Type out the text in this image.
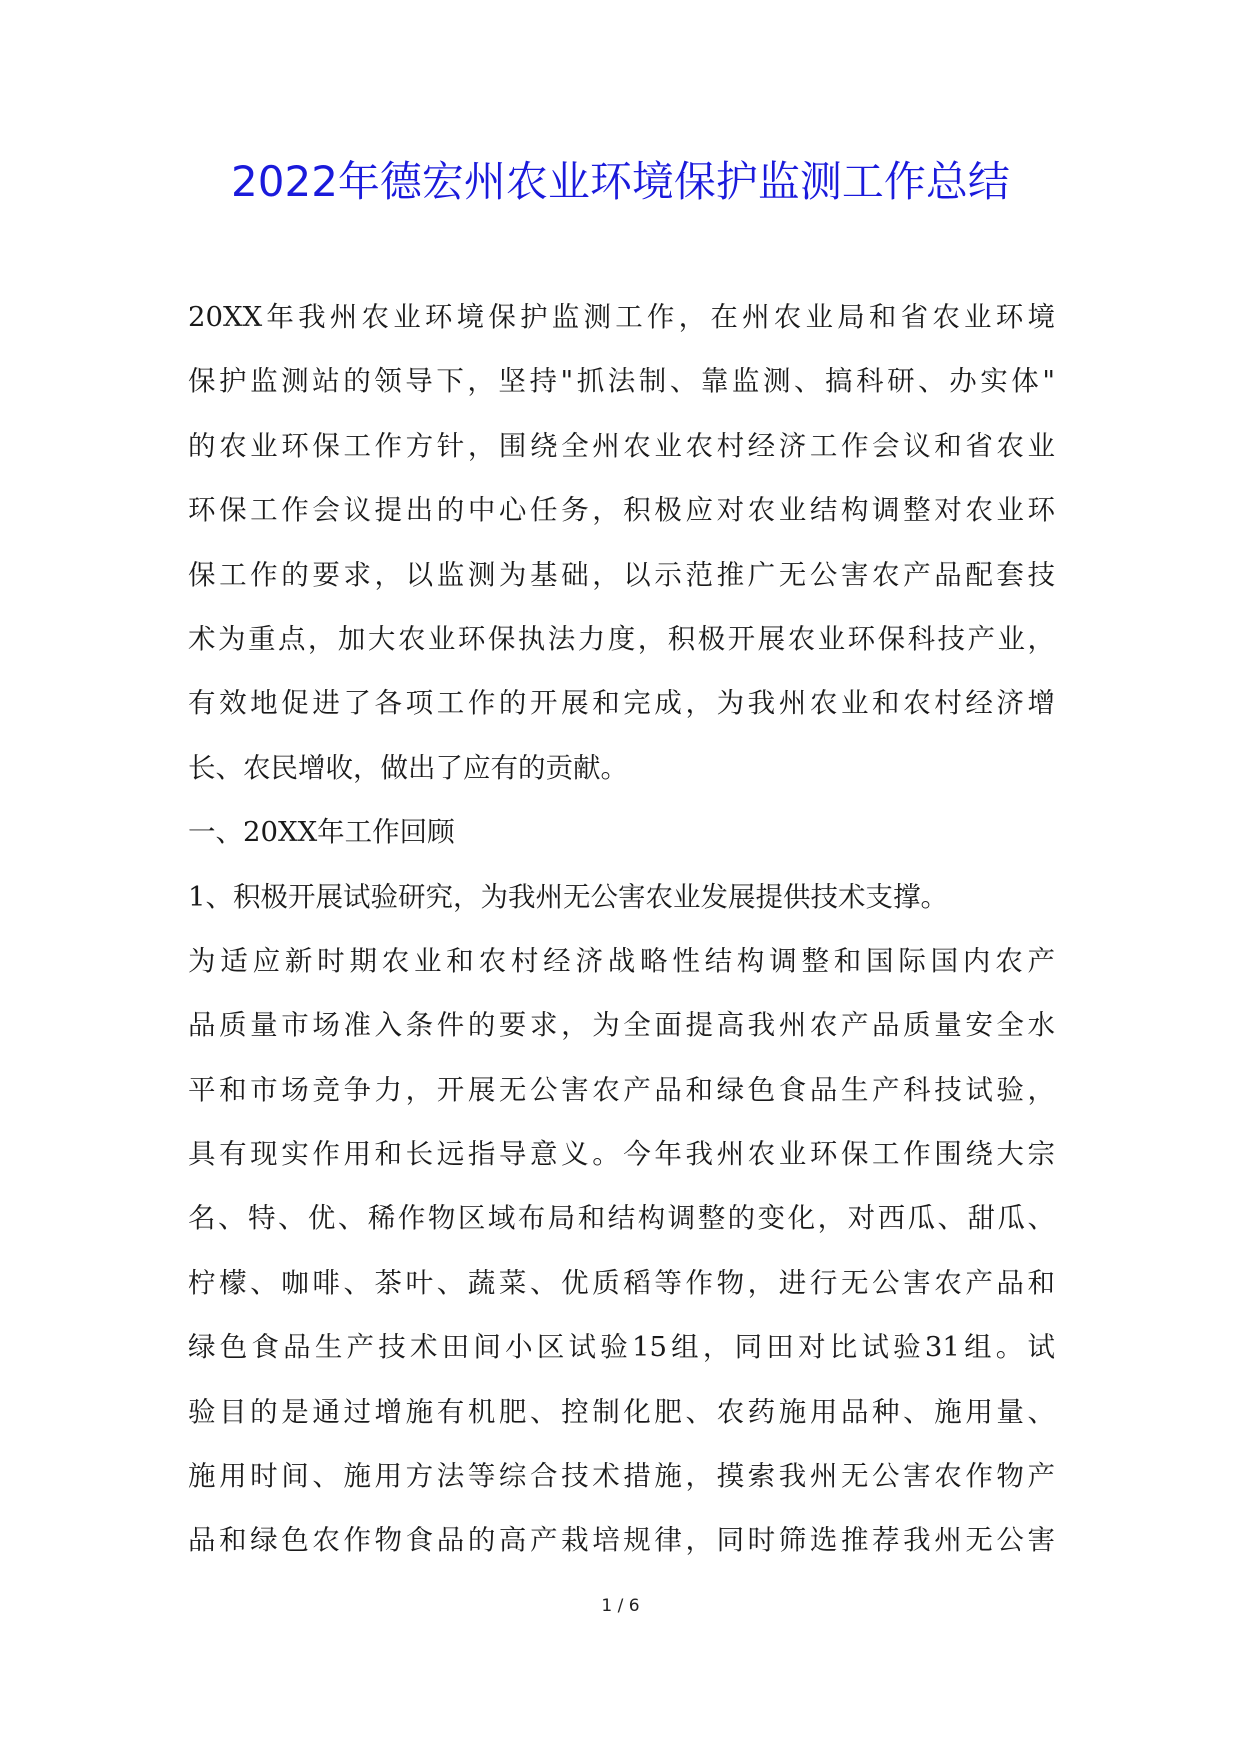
2022年德宏州农业环境保护监测工作总结
20XX年我州农业环境保护监测工作，在州农业局和省农业环境
保护监测站的领导下，坚持"抓法制、靠监测、搞科研、办实体"
的农业环保工作方针，围绕全州农业农村经济工作会议和省农业
环保工作会议提出的中心任务，积极应对农业结构调整对农业环
保工作的要求，以监测为基础，以示范推广无公害农产品配套技
术为重点，加大农业环保执法力度，积极开展农业环保科技产业，
有效地促进了各项工作的开展和完成，为我州农业和农村经济增
长、农民增收，做出了应有的贡献。
一、20XX年工作回顾
1、积极开展试验研究，为我州无公害农业发展提供技术支撑。
为适应新时期农业和农村经济战略性结构调整和国际国内农产
品质量市场准入条件的要求，为全面提高我州农产品质量安全水
平和市场竞争力，开展无公害农产品和绿色食品生产科技试验，
具有现实作用和长远指导意义。今年我州农业环保工作围绕大宗
名、特、优、稀作物区域布局和结构调整的变化，对西瓜、甜瓜、
柠檬、咖啡、茶叶、蔬菜、优质稻等作物，进行无公害农产品和
绿色食品生产技术田间小区试验15组，同田对比试验31组。试
验目的是通过增施有机肥、控制化肥、农药施用品种、施用量、
施用时间、施用方法等综合技术措施，摸索我州无公害农作物产
品和绿色农作物食品的高产栽培规律，同时筛选推荐我州无公害
1 / 6
